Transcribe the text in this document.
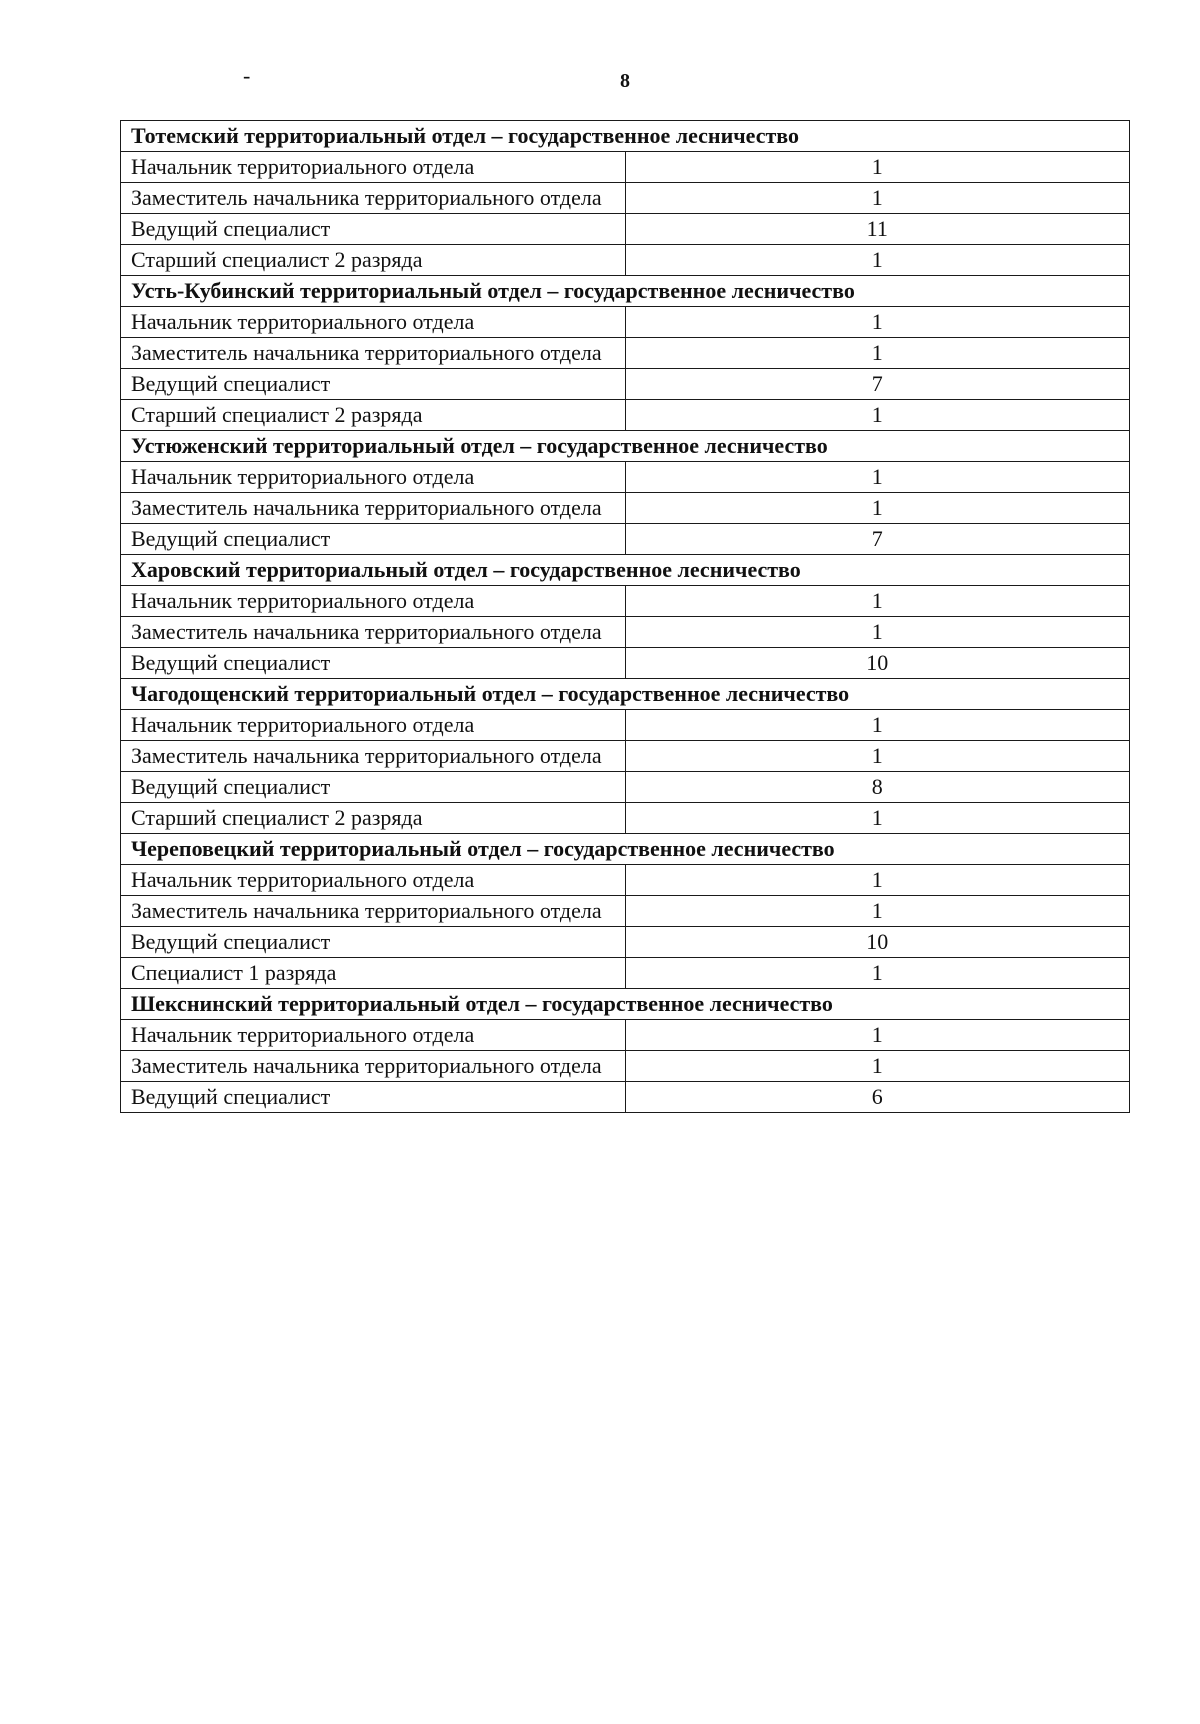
-	8
Тотемский территориальный отдел – государственное лесничество	
Начальник территориального отдела	1
Заместитель начальника территориального отдела	1
Ведущий специалист	11
Старший специалист 2 разряда	1
Усть-Кубинский территориальный отдел – государственное лесничество	
Начальник территориального отдела	1
Заместитель начальника территориального отдела	1
Ведущий специалист	7
Старший специалист 2 разряда	1
Устюженский территориальный отдел – государственное лесничество	
Начальник территориального отдела	1
Заместитель начальника территориального отдела	1
Ведущий специалист	7
Харовский территориальный отдел – государственное лесничество	
Начальник территориального отдела	1
Заместитель начальника территориального отдела	1
Ведущий специалист	10
Чагодощенский территориальный отдел – государственное лесничество	
Начальник территориального отдела	1
Заместитель начальника территориального отдела	1
Ведущий специалист	8
Старший специалист 2 разряда	1
Череповецкий территориальный отдел – государственное лесничество	
Начальник территориального отдела	1
Заместитель начальника территориального отдела	1
Ведущий специалист	10
Специалист 1 разряда	1
Шекснинский территориальный отдел – государственное лесничество	
Начальник территориального отдела	1
Заместитель начальника территориального отдела	1
Ведущий специалист	6
